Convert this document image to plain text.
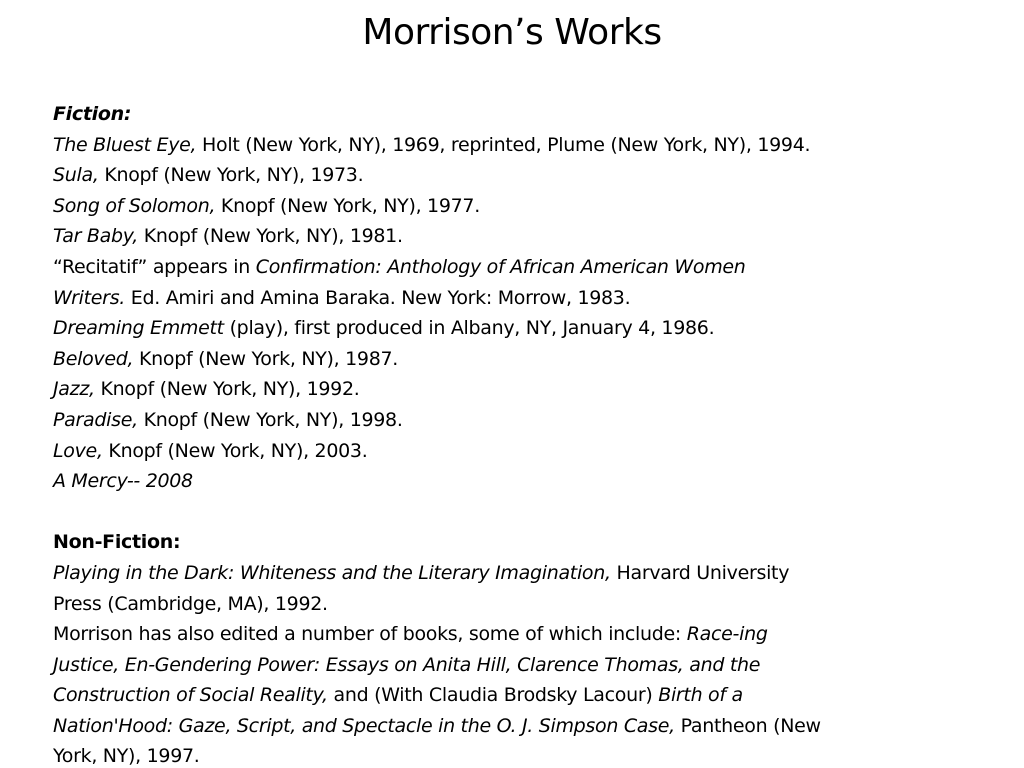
Morrison’s Works
Fiction:
The Bluest Eye, Holt (New York, NY), 1969, reprinted, Plume (New York, NY), 1994.
Sula, Knopf (New York, NY), 1973.
Song of Solomon, Knopf (New York, NY), 1977.
Tar Baby, Knopf (New York, NY), 1981.
“Recitatif” appears in Confirmation: Anthology of African American Women
Writers. Ed. Amiri and Amina Baraka. New York: Morrow, 1983.
Dreaming Emmett (play), first produced in Albany, NY, January 4, 1986.
Beloved, Knopf (New York, NY), 1987.
Jazz, Knopf (New York, NY), 1992.
Paradise, Knopf (New York, NY), 1998.
Love, Knopf (New York, NY), 2003.
A Mercy-- 2008
Non-Fiction:
Playing in the Dark: Whiteness and the Literary Imagination, Harvard University
Press (Cambridge, MA), 1992.
Morrison has also edited a number of books, some of which include: Race-ing
Justice, En-Gendering Power: Essays on Anita Hill, Clarence Thomas, and the
Construction of Social Reality, and (With Claudia Brodsky Lacour) Birth of a
Nation'Hood: Gaze, Script, and Spectacle in the O. J. Simpson Case, Pantheon (New
York, NY), 1997.
